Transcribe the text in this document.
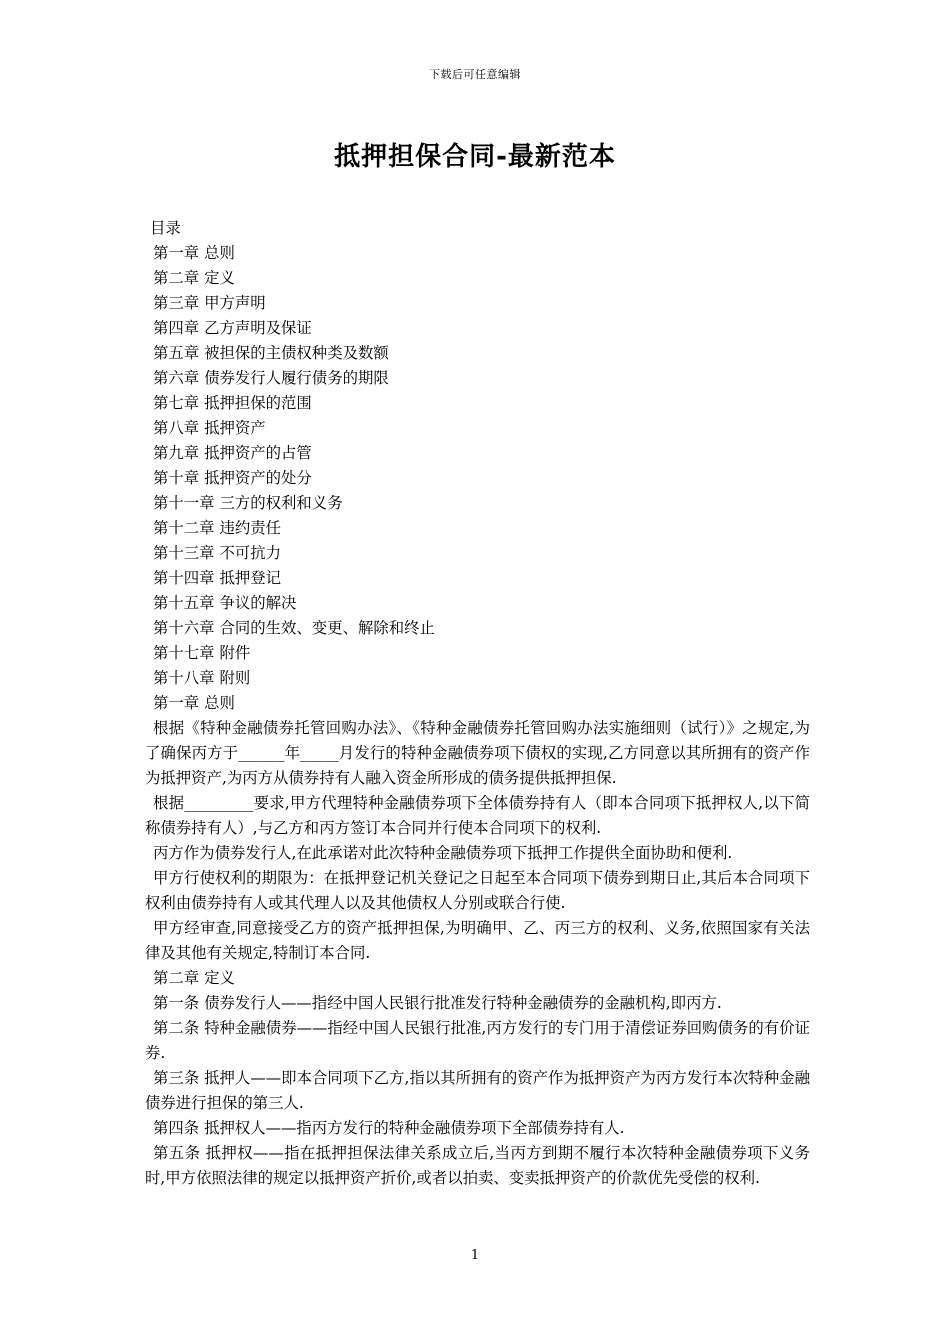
下载后可任意编辑
抵押担保合同-最新范本

目录

第一章 总则

第二章 定义

第三章 甲方声明

第四章 乙方声明及保证

第五章 被担保的主债权种类及数额

第六章 债券发行人履行债务的期限

第七章 抵押担保的范围

第八章 抵押资产

第九章 抵押资产的占管

第十章 抵押资产的处分

第十一章 三方的权利和义务

第十二章 违约责任

第十三章 不可抗力

第十四章 抵押登记

第十五章 争议的解决

第十六章 合同的生效、变更、解除和终止

第十七章 附件

第十八章 附则

第一章 总则

根据《特种金融债券托管回购办法》、《特种金融债券托管回购办法实施细则（试行）》之规定,为了确保丙方于______年_____月发行的特种金融债券项下债权的实现,乙方同意以其所拥有的资产作为抵押资产,为丙方从债券持有人融入资金所形成的债务提供抵押担保.

根据_________要求,甲方代理特种金融债券项下全体债券持有人（即本合同项下抵押权人,以下简称债券持有人）,与乙方和丙方签订本合同并行使本合同项下的权利.

丙方作为债券发行人,在此承诺对此次特种金融债券项下抵押工作提供全面协助和便利.

甲方行使权利的期限为：在抵押登记机关登记之日起至本合同项下债券到期日止,其后本合同项下权利由债券持有人或其代理人以及其他债权人分别或联合行使.

甲方经审查,同意接受乙方的资产抵押担保,为明确甲、乙、丙三方的权利、义务,依照国家有关法律及其他有关规定,特制订本合同.

第二章 定义

第一条 债券发行人——指经中国人民银行批准发行特种金融债券的金融机构,即丙方.

第二条 特种金融债券——指经中国人民银行批准,丙方发行的专门用于清偿证券回购债务的有价证券.

第三条 抵押人——即本合同项下乙方,指以其所拥有的资产作为抵押资产为丙方发行本次特种金融债券进行担保的第三人.

第四条 抵押权人——指丙方发行的特种金融债券项下全部债券持有人.

第五条 抵押权——指在抵押担保法律关系成立后,当丙方到期不履行本次特种金融债券项下义务时,甲方依照法律的规定以抵押资产折价,或者以拍卖、变卖抵押资产的价款优先受偿的权利.

1
